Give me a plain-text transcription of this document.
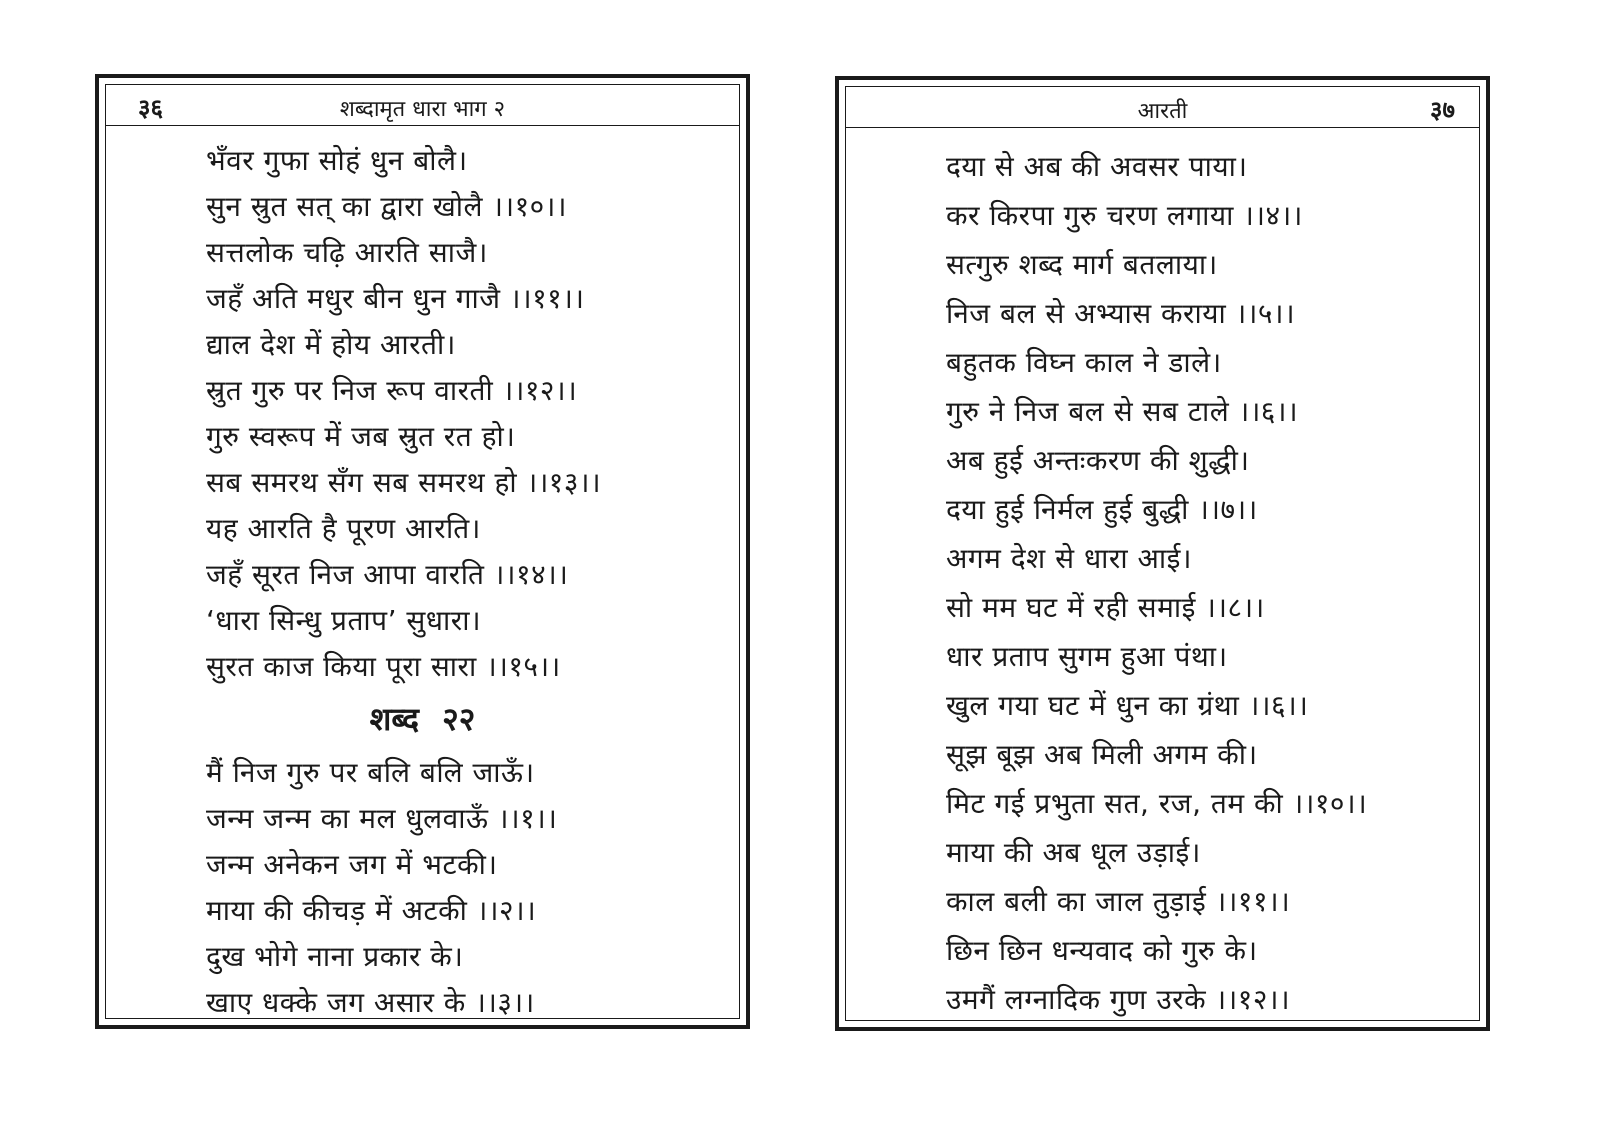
३६	शब्दामृत धारा भाग २
भँवर गुफा सोहं धुन बोलै।
सुन स्रुत सत् का द्वारा खोलै ।।१०।।
सत्तलोक चढ़ि आरति साजै।
जहँ अति मधुर बीन धुन गाजै ।।११।।
द्याल देश में होय आरती।
स्रुत गुरु पर निज रूप वारती ।।१२।।
गुरु स्वरूप में जब स्रुत रत हो।
सब समरथ सँग सब समरथ हो ।।१३।।
यह आरति है पूरण आरति।
जहँ सूरत निज आपा वारति ।।१४।।
‘धारा सिन्धु प्रताप’ सुधारा।
सुरत काज किया पूरा सारा ।।१५।।
शब्द २२
मैं निज गुरु पर बलि बलि जाऊँ।
जन्म जन्म का मल धुलवाऊँ ।।१।।
जन्म अनेकन जग में भटकी।
माया की कीचड़ में अटकी ।।२।।
दुख भोगे नाना प्रकार के।
खाए धक्के जग असार के ।।३।।
आरती	३७
दया से अब की अवसर पाया।
कर किरपा गुरु चरण लगाया ।।४।।
सत्गुरु शब्द मार्ग बतलाया।
निज बल से अभ्यास कराया ।।५।।
बहुतक विघ्न काल ने डाले।
गुरु ने निज बल से सब टाले ।।६।।
अब हुई अन्तःकरण की शुद्धी।
दया हुई निर्मल हुई बुद्धी ।।७।।
अगम देश से धारा आई।
सो मम घट में रही समाई ।।८।।
धार प्रताप सुगम हुआ पंथा।
खुल गया घट में धुन का ग्रंथा ।।६।।
सूझ बूझ अब मिली अगम की।
मिट गई प्रभुता सत, रज, तम की ।।१०।।
माया की अब धूल उड़ाई।
काल बली का जाल तुड़ाई ।।११।।
छिन छिन धन्यवाद को गुरु के।
उमगैं लग्नादिक गुण उरके ।।१२।।
